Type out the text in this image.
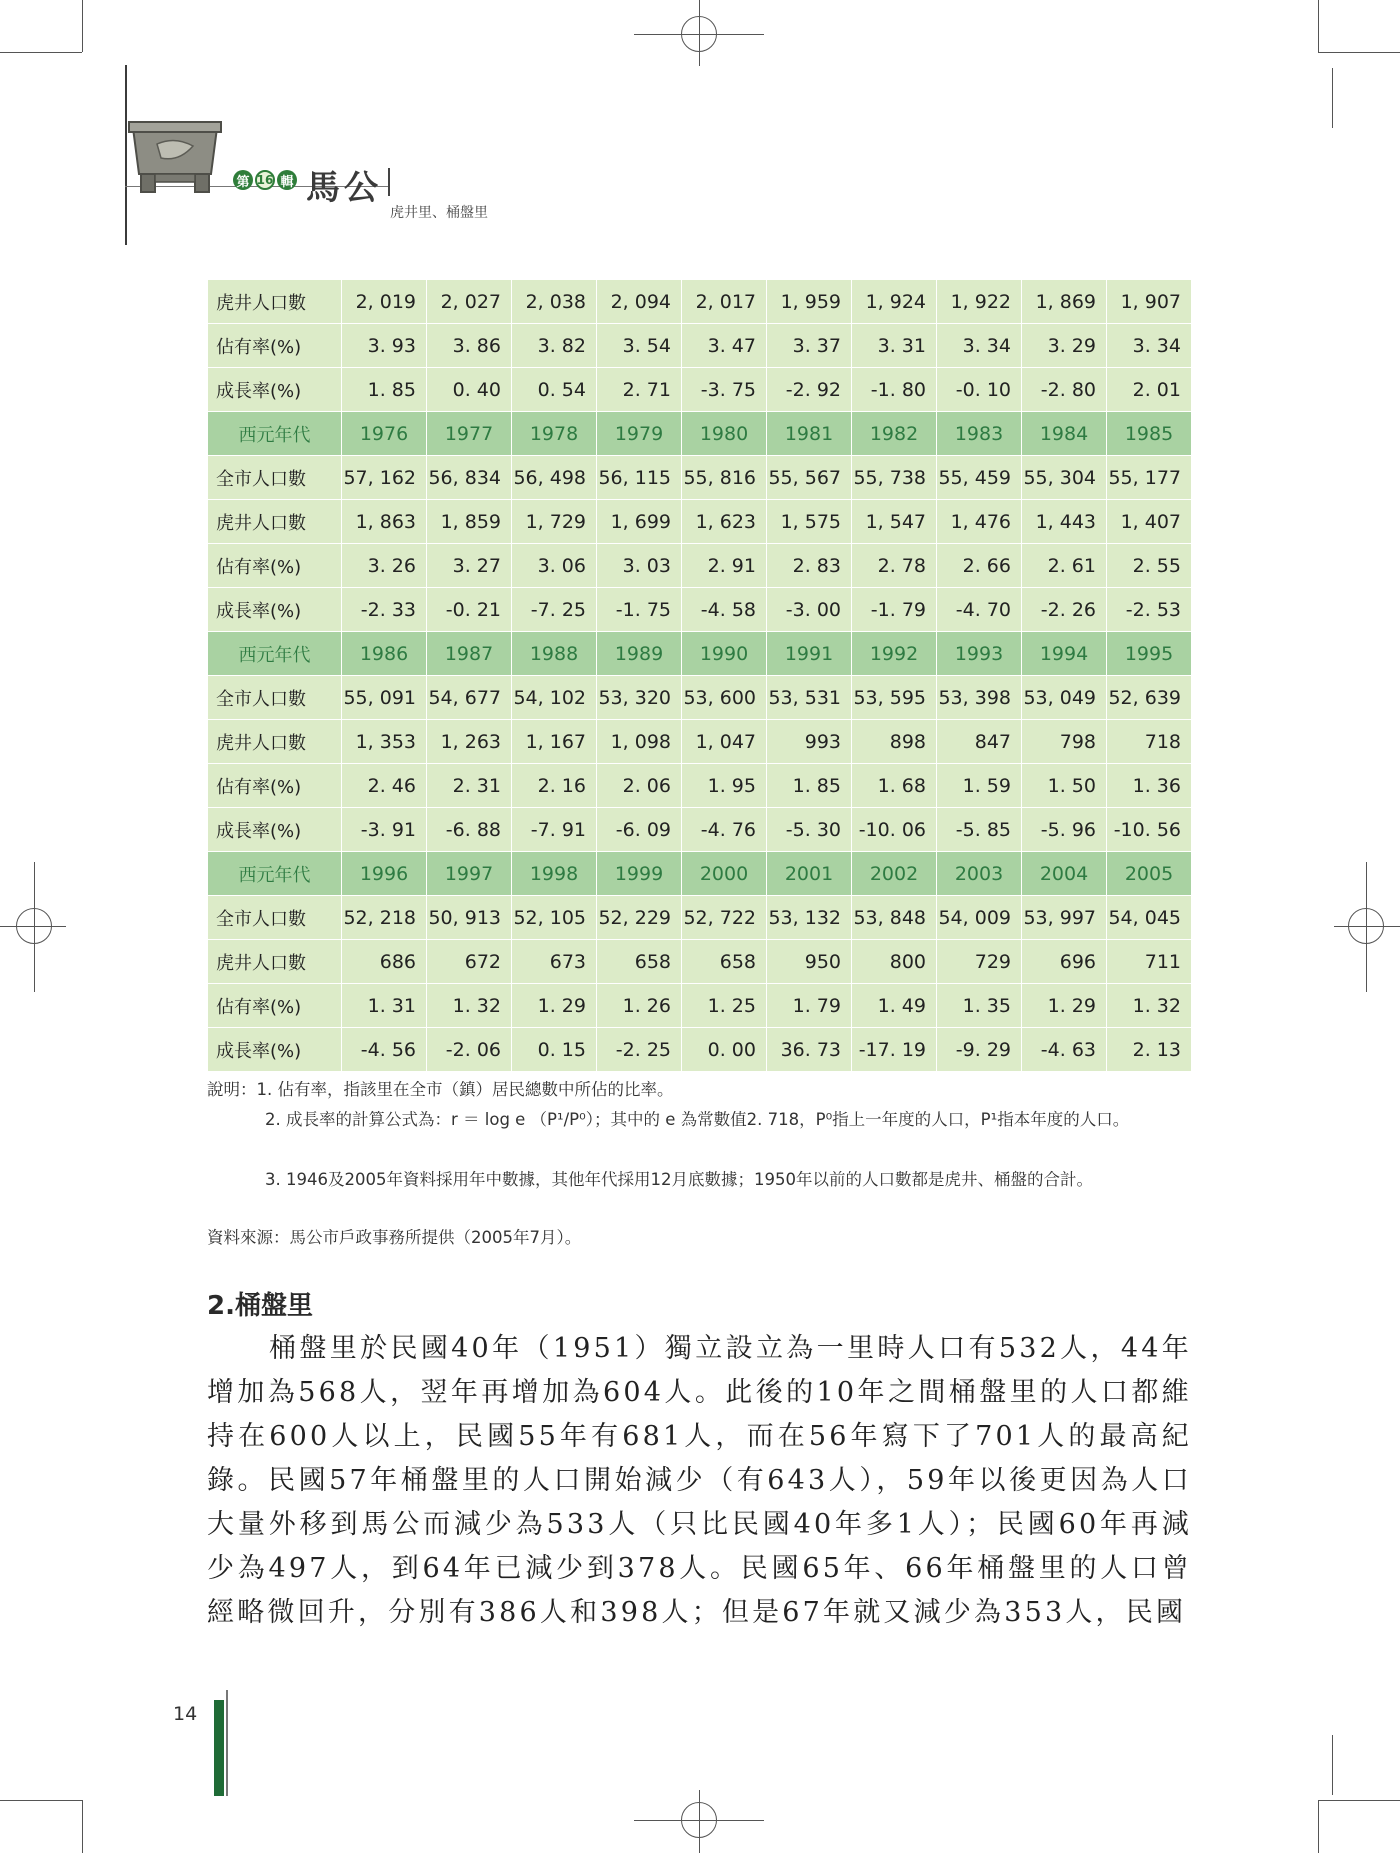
第 16 輯 馬公
虎井里、桶盤里
虎井人口數	2, 019	2, 027	2, 038	2, 094	2, 017	1, 959	1, 924	1, 922	1, 869	1, 907
佔有率(%)	3. 93	3. 86	3. 82	3. 54	3. 47	3. 37	3. 31	3. 34	3. 29	3. 34
成長率(%)	1. 85	0. 40	0. 54	2. 71	-3. 75	-2. 92	-1. 80	-0. 10	-2. 80	2. 01
西元年代	1976	1977	1978	1979	1980	1981	1982	1983	1984	1985
全市人口數	57, 162	56, 834	56, 498	56, 115	55, 816	55, 567	55, 738	55, 459	55, 304	55, 177
虎井人口數	1, 863	1, 859	1, 729	1, 699	1, 623	1, 575	1, 547	1, 476	1, 443	1, 407
佔有率(%)	3. 26	3. 27	3. 06	3. 03	2. 91	2. 83	2. 78	2. 66	2. 61	2. 55
成長率(%)	-2. 33	-0. 21	-7. 25	-1. 75	-4. 58	-3. 00	-1. 79	-4. 70	-2. 26	-2. 53
西元年代	1986	1987	1988	1989	1990	1991	1992	1993	1994	1995
全市人口數	55, 091	54, 677	54, 102	53, 320	53, 600	53, 531	53, 595	53, 398	53, 049	52, 639
虎井人口數	1, 353	1, 263	1, 167	1, 098	1, 047	993	898	847	798	718
佔有率(%)	2. 46	2. 31	2. 16	2. 06	1. 95	1. 85	1. 68	1. 59	1. 50	1. 36
成長率(%)	-3. 91	-6. 88	-7. 91	-6. 09	-4. 76	-5. 30	-10. 06	-5. 85	-5. 96	-10. 56
西元年代	1996	1997	1998	1999	2000	2001	2002	2003	2004	2005
全市人口數	52, 218	50, 913	52, 105	52, 229	52, 722	53, 132	53, 848	54, 009	53, 997	54, 045
虎井人口數	686	672	673	658	658	950	800	729	696	711
佔有率(%)	1. 31	1. 32	1. 29	1. 26	1. 25	1. 79	1. 49	1. 35	1. 29	1. 32
成長率(%)	-4. 56	-2. 06	0. 15	-2. 25	0. 00	36. 73	-17. 19	-9. 29	-4. 63	2. 13
說明：1. 佔有率，指該里在全市（鎮）居民總數中所佔的比率。
2. 成長率的計算公式為：r ＝ log e （P¹/P⁰）；其中的 e 為常數值2. 718，P⁰指上一年度的人口，P¹指本年度的人口。
3. 1946及2005年資料採用年中數據，其他年代採用12月底數據；1950年以前的人口數都是虎井、桶盤的合計。
資料來源：馬公市戶政事務所提供（2005年7月）。
2.桶盤里
桶盤里於民國40年（1951）獨立設立為一里時人口有532人，44年增加為568人，翌年再增加為604人。此後的10年之間桶盤里的人口都維持在600人以上，民國55年有681人，而在56年寫下了701人的最高紀錄。民國57年桶盤里的人口開始減少（有643人），59年以後更因為人口大量外移到馬公而減少為533人（只比民國40年多1人）；民國60年再減少為497人，到64年已減少到378人。民國65年、66年桶盤里的人口曾經略微回升，分別有386人和398人；但是67年就又減少為353人，民國
14
